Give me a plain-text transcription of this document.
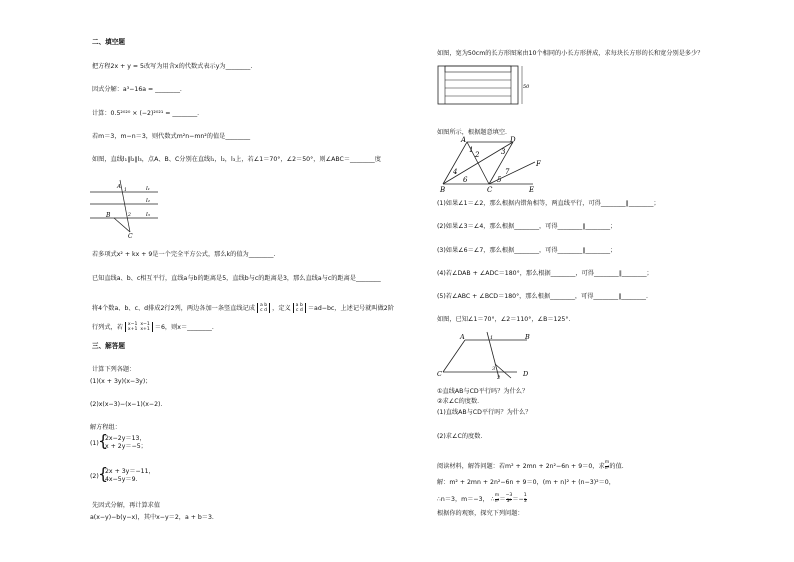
二、填空题
把方程2x + y = 5改写为用含x的代数式表示y为________.
因式分解：a³−16a = ________.
计算：0.5²⁰²⁰ × (−2)²⁰²¹ = ________.
若m＝3，m−n＝3，则代数式m²n−mn²的值是________
如图，直线l₁∥l₂∥l₃，点A、B、C分别在直线l₁，l₂，l₃上，若∠1＝70°，∠2＝50°，则∠ABC＝________度
l₁
l₂
l₃
A
B
C
1
2
若多项式x² + kx + 9是一个完全平方公式，那么k的值为________.
已知直线a、b、c相互平行，直线a与b的距离是5，直线b与c的距离是3，那么直线a与c的距离是________
将4个数a、b、c、d排成2行2列，两边各加一条竖直线记成 a b
c d ，定义 a b
c d ＝ad−bc，上述记号就叫做2阶
行列式，若 x−1 x−1
x+1 x+1 ＝6，则x＝________.
三、解答题
计算下列各题：
(1)(x + 3y)(x−3y)；
(2)x(x−3)−(x−1)(x−2).
解方程组：
(1) {
2x−2y＝13，
x + 2y＝−5；
(2) {
2x + 3y＝−11，
4x−5y＝9.
先因式分解，再计算求值
a(x−y)−b(y−x)，其中x−y＝2，a + b＝3.
如图，宽为50cm的长方形图案由10个相同的小长方形拼成，求每块长方形的长和宽分别是多少？
50
如图所示，根据题意填空.
A	D
F
B	C	E
1
2	3
4
5
6
7
(1)如果∠1＝∠2，那么根据内错角相等，两直线平行，可得________∥________；
(2)如果∠3＝∠4，那么根据________，可得________∥________；
(3)如果∠6＝∠7，那么根据________，可得________∥________；
(4)若∠DAB + ∠ADC＝180°，那么根据________，可得________∥________；
(5)若∠ABC + ∠BCD＝180°，那么根据________，可得________∥________.
如图，已知∠1＝70°，∠2＝110°，∠B＝125°.
A	B
C	D
1
2
3
①直线AB与CD平行吗？为什么？
②求∠C的度数.
(1)直线AB与CD平行吗？为什么？
(2)求∠C的度数.
阅读材料，解答问题：若m² + 2mn + 2n²−6n + 9＝0，求 $\frac{m}{\text{n²}}$ 的值.
解：m² + 2mn + 2n²−6n + 9＝0，(m + n)² + (n−3)²＝0，
∴n＝3，m＝−3， ∴ $\frac{m}{\text{n²}} = \frac{-3}{\text{3²}} =- \frac{1}{3}$
根据你的观察，探究下列问题：
